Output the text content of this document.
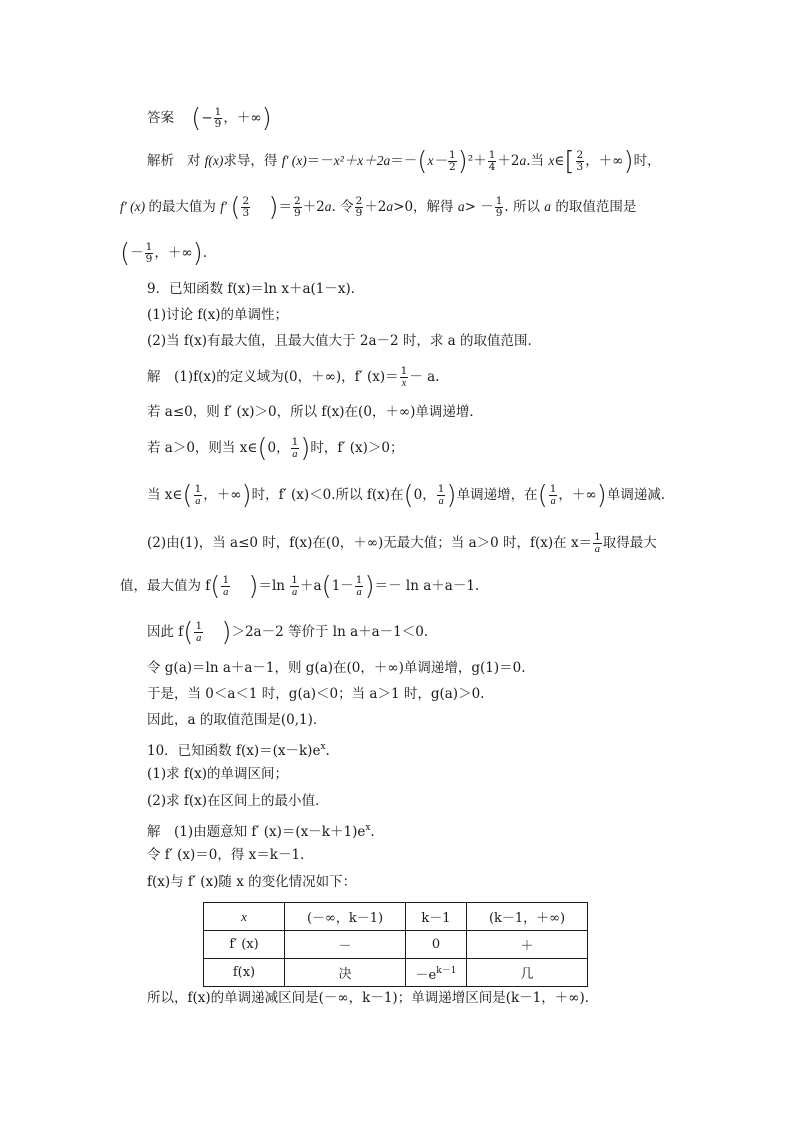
答案 (− $\frac{1}{9}$ ，＋∞)
解析 对 f(x)求导，得 f′ $(x)=-x^2+x+2a=-(x- \frac{1}{2} )^2+ \frac{1}{4} +2a$.当 x∈[ $\frac{2}{3}$ ，＋∞)时，
f′ (x) 的最大值为 f′ ( $\frac{2}{3}$ )＝ $\frac{2}{9} +2a$. 令 $\frac{2}{9} +2a>0$，解得 $a> - \frac{1}{9}$ . 所以 a 的取值范围是
(－ $\frac{1}{9}$ ，＋∞).
9．已知函数 f(x)＝ln x＋a(1－x)．
(1)讨论 f(x)的单调性；
(2)当 f(x)有最大值，且最大值大于 2a－2 时，求 a 的取值范围．
解　(1)f(x)的定义域为(0，＋∞)，f′ $(x)= \frac{1}{x} - a$.
若 a≤0，则 f′ (x)＞0，所以 f(x)在(0，＋∞)单调递增．
若 a＞0，则当 x∈(0， $\frac{1}{a}$ )时，f′ (x)＞0；
当 x∈( $\frac{1}{a}$ ，＋∞)时，f′ (x)＜0.所以 f(x)在(0， $\frac{1}{a}$ )单调递增，在( $\frac{1}{a}$ ，＋∞)单调递减．
(2)由(1)，当 a≤0 时，f(x)在(0，＋∞)无最大值；当 a＞0 时，f(x)在 $x= \frac{1}{a}$ 取得最大
值，最大值为 $f( \frac{1}{a} )=\ln \frac{1}{a} +a(1- \frac{1}{a}$ )＝－ ln a＋a－1.
因此 $f( \frac{1}{a} )>2a-2$ 等价于 ln a＋a－1＜0.
令 g(a)＝ln a＋a－1，则 g(a)在(0，＋∞)单调递增，g(1)＝0.
于是，当 0＜a＜1 时，g(a)＜0；当 a＞1 时，g(a)＞0.
因此，a 的取值范围是(0,1)．
10．已知函数 $f(x)=(x-k)e^x$.
(1)求 f(x)的单调区间；
(2)求 f(x)在区间上的最小值．
解　(1)由题意知 f′ $(x)=(x-k+1)e^x$.
令 f′ (x)＝0，得 x＝k－1.
f(x)与 f′ (x)随 x 的变化情况如下：
x	(－∞，k－1)	k－1	(k－1，＋∞)
f′ (x)	－	0	＋
f(x)	决	$-e^{k-1}$	几
所以，f(x)的单调递减区间是(－∞，k－1)；单调递增区间是(k－1，＋∞)．
